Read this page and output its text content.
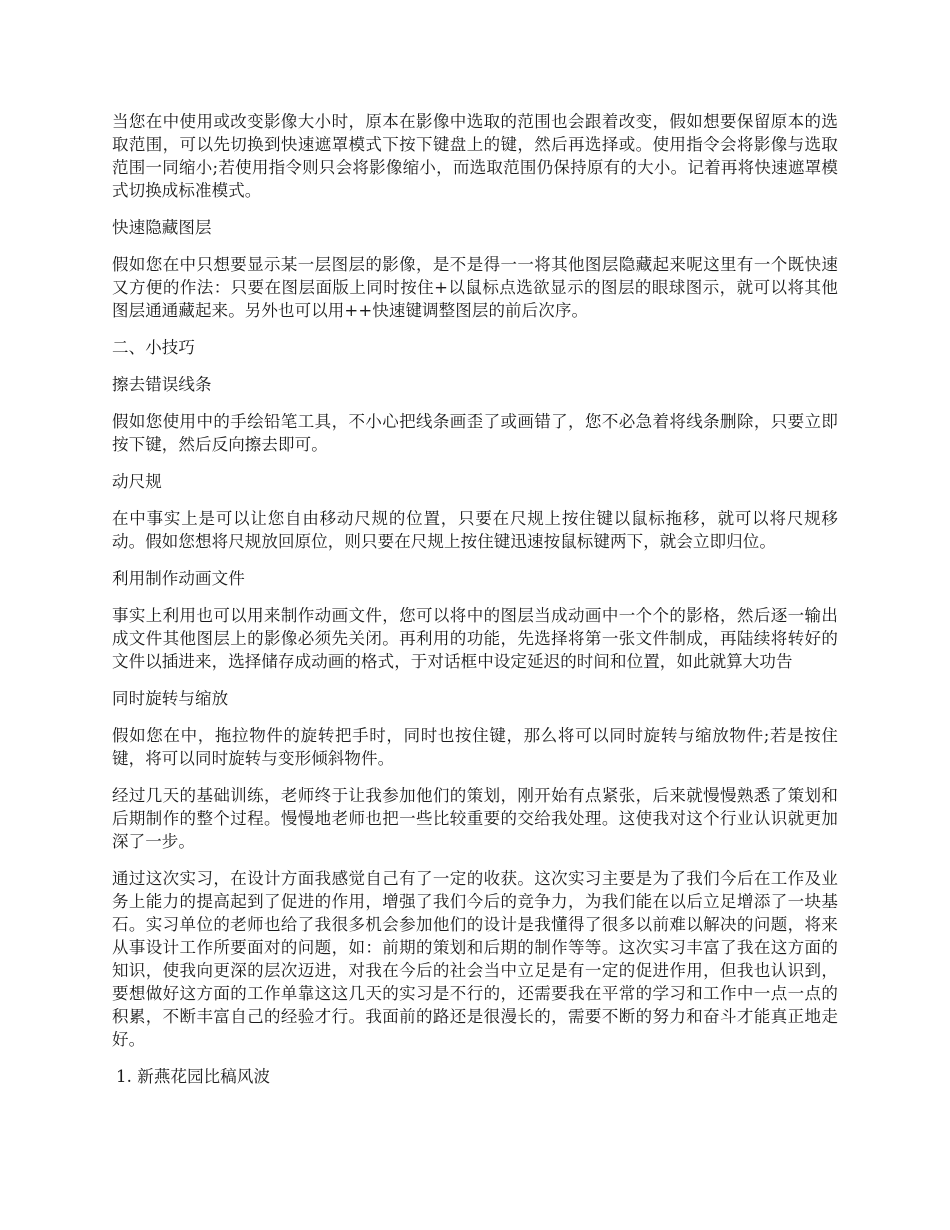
当您在中使用或改变影像大小时，原本在影像中选取的范围也会跟着改变，假如想要保留原本的选取范围，可以先切换到快速遮罩模式下按下键盘上的键，然后再选择或。使用指令会将影像与选取范围一同缩小;若使用指令则只会将影像缩小，而选取范围仍保持原有的大小。记着再将快速遮罩模式切换成标准模式。

快速隐藏图层

假如您在中只想要显示某一层图层的影像，是不是得一一将其他图层隐藏起来呢这里有一个既快速又方便的作法：只要在图层面版上同时按住+以鼠标点选欲显示的图层的眼球图示，就可以将其他图层通通藏起来。另外也可以用++快速键调整图层的前后次序。

二、小技巧

擦去错误线条

假如您使用中的手绘铅笔工具，不小心把线条画歪了或画错了，您不必急着将线条删除，只要立即按下键，然后反向擦去即可。

动尺规

在中事实上是可以让您自由移动尺规的位置，只要在尺规上按住键以鼠标拖移，就可以将尺规移动。假如您想将尺规放回原位，则只要在尺规上按住键迅速按鼠标键两下，就会立即归位。

利用制作动画文件

事实上利用也可以用来制作动画文件，您可以将中的图层当成动画中一个个的影格，然后逐一输出成文件其他图层上的影像必须先关闭。再利用的功能，先选择将第一张文件制成，再陆续将转好的文件以插进来，选择储存成动画的格式，于对话框中设定延迟的时间和位置，如此就算大功告

同时旋转与缩放

假如您在中，拖拉物件的旋转把手时，同时也按住键，那么将可以同时旋转与缩放物件;若是按住键，将可以同时旋转与变形倾斜物件。

经过几天的基础训练，老师终于让我参加他们的策划，刚开始有点紧张，后来就慢慢熟悉了策划和后期制作的整个过程。慢慢地老师也把一些比较重要的交给我处理。这使我对这个行业认识就更加深了一步。

通过这次实习，在设计方面我感觉自己有了一定的收获。这次实习主要是为了我们今后在工作及业务上能力的提高起到了促进的作用，增强了我们今后的竞争力，为我们能在以后立足增添了一块基石。实习单位的老师也给了我很多机会参加他们的设计是我懂得了很多以前难以解决的问题，将来从事设计工作所要面对的问题，如：前期的策划和后期的制作等等。这次实习丰富了我在这方面的知识，使我向更深的层次迈进，对我在今后的社会当中立足是有一定的促进作用，但我也认识到，要想做好这方面的工作单靠这这几天的实习是不行的，还需要我在平常的学习和工作中一点一点的积累，不断丰富自己的经验才行。我面前的路还是很漫长的，需要不断的努力和奋斗才能真正地走好。

1. 新燕花园比稿风波
